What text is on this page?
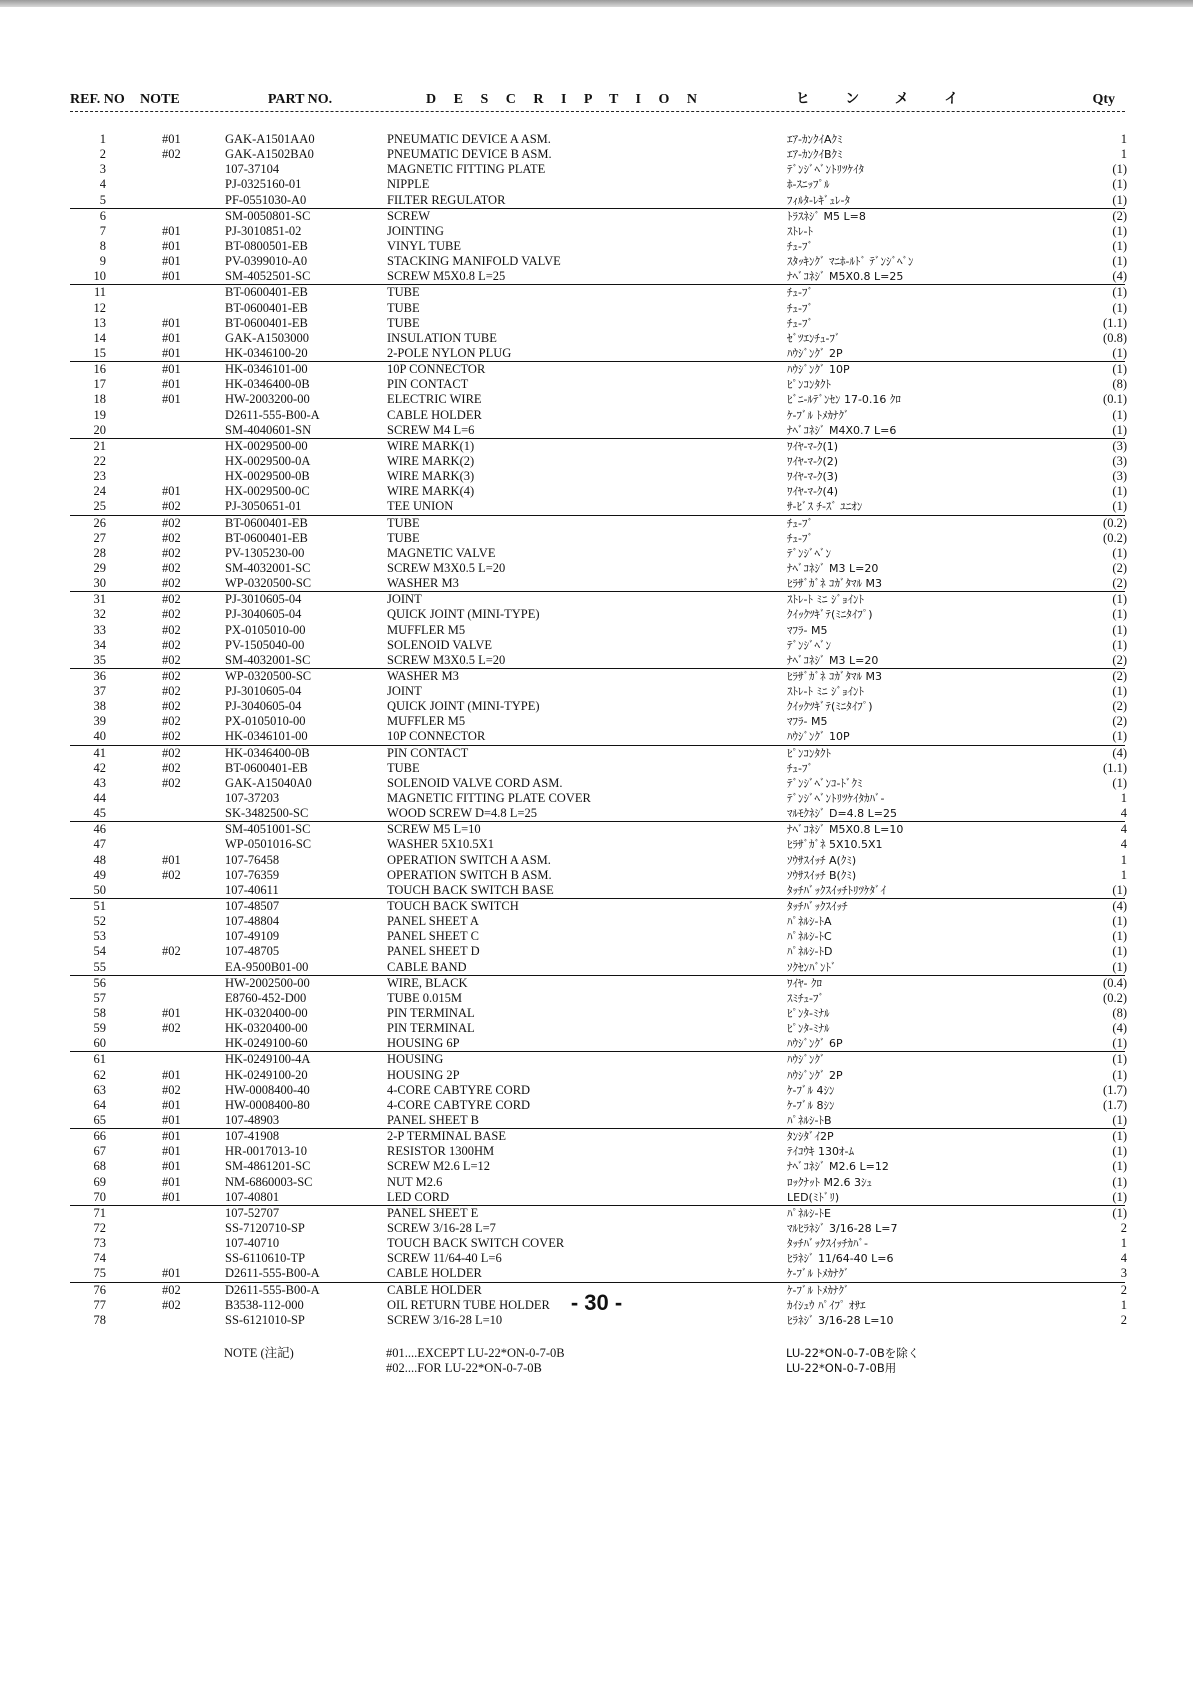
REF. NO	NOTE	PART NO.	D E S C R I P T I O N	ヒ ン メ イ	Qty
1	#01	GAK-A1501AA0	PNEUMATIC DEVICE A ASM.	ｴｱ-ｶﾝｸｲAｸﾐ	1
2	#02	GAK-A1502BA0	PNEUMATIC DEVICE B ASM.	ｴｱ-ｶﾝｸｲBｸﾐ	1
3	107-37104	MAGNETIC FITTING PLATE	ﾃﾞﾝｼﾞﾍﾞﾝﾄﾘﾂｹｲﾀ	(1)
4	PJ-0325160-01	NIPPLE	ﾎ-ｽﾆｯﾌﾟﾙ	(1)
5	PF-0551030-A0	FILTER REGULATOR	ﾌｨﾙﾀ-ﾚｷﾞｭﾚ-ﾀ	(1)
6	SM-0050801-SC	SCREW	ﾄﾗｽﾈｼﾞ M5 L=8	(2)
7	#01	PJ-3010851-02	JOINTING	ｽﾄﾚ-ﾄ	(1)
8	#01	BT-0800501-EB	VINYL TUBE	ﾁｭ-ﾌﾞ	(1)
9	#01	PV-0399010-A0	STACKING MANIFOLD VALVE	ｽﾀｯｷﾝｸﾞ ﾏﾆﾎ-ﾙﾄﾞ ﾃﾞﾝｼﾞﾍﾞﾝ	(1)
10	#01	SM-4052501-SC	SCREW M5X0.8 L=25	ﾅﾍﾞｺﾈｼﾞ M5X0.8 L=25	(4)
11	BT-0600401-EB	TUBE	ﾁｭ-ﾌﾞ	(1)
12	BT-0600401-EB	TUBE	ﾁｭ-ﾌﾞ	(1)
13	#01	BT-0600401-EB	TUBE	ﾁｭ-ﾌﾞ	(1.1)
14	#01	GAK-A1503000	INSULATION TUBE	ｾﾞﾂｴﾝﾁｭ-ﾌﾞ	(0.8)
15	#01	HK-0346100-20	2-POLE NYLON PLUG	ﾊｳｼﾞﾝｸﾞ 2P	(1)
16	#01	HK-0346101-00	10P CONNECTOR	ﾊｳｼﾞﾝｸﾞ 10P	(1)
17	#01	HK-0346400-0B	PIN CONTACT	ﾋﾟﾝｺﾝﾀｸﾄ	(8)
18	#01	HW-2003200-00	ELECTRIC WIRE	ﾋﾞﾆ-ﾙﾃﾞﾝｾﾝ 17-0.16 ｸﾛ	(0.1)
19	D2611-555-B00-A	CABLE HOLDER	ｹ-ﾌﾞﾙ ﾄﾒｶﾅｸﾞ	(1)
20	SM-4040601-SN	SCREW M4 L=6	ﾅﾍﾞｺﾈｼﾞ M4X0.7 L=6	(1)
21	HX-0029500-00	WIRE MARK(1)	ﾜｲﾔ-ﾏ-ｸ(1)	(3)
22	HX-0029500-0A	WIRE MARK(2)	ﾜｲﾔ-ﾏ-ｸ(2)	(3)
23	HX-0029500-0B	WIRE MARK(3)	ﾜｲﾔ-ﾏ-ｸ(3)	(3)
24	#01	HX-0029500-0C	WIRE MARK(4)	ﾜｲﾔ-ﾏ-ｸ(4)	(1)
25	#02	PJ-3050651-01	TEE UNION	ｻ-ﾋﾞｽ ﾁ-ｽﾞ ﾕﾆｵﾝ	(1)
26	#02	BT-0600401-EB	TUBE	ﾁｭ-ﾌﾞ	(0.2)
27	#02	BT-0600401-EB	TUBE	ﾁｭ-ﾌﾞ	(0.2)
28	#02	PV-1305230-00	MAGNETIC VALVE	ﾃﾞﾝｼﾞﾍﾞﾝ	(1)
29	#02	SM-4032001-SC	SCREW M3X0.5 L=20	ﾅﾍﾞｺﾈｼﾞ M3 L=20	(2)
30	#02	WP-0320500-SC	WASHER M3	ﾋﾗｻﾞｶﾞﾈ ｺｶﾞﾀﾏﾙ M3	(2)
31	#02	PJ-3010605-04	JOINT	ｽﾄﾚ-ﾄ ﾐﾆ ｼﾞｮｲﾝﾄ	(1)
32	#02	PJ-3040605-04	QUICK JOINT (MINI-TYPE)	ｸｲｯｸﾂｷﾞﾃ(ﾐﾆﾀｲﾌﾟ)	(1)
33	#02	PX-0105010-00	MUFFLER M5	ﾏﾌﾗ- M5	(1)
34	#02	PV-1505040-00	SOLENOID VALVE	ﾃﾞﾝｼﾞﾍﾞﾝ	(1)
35	#02	SM-4032001-SC	SCREW M3X0.5 L=20	ﾅﾍﾞｺﾈｼﾞ M3 L=20	(2)
36	#02	WP-0320500-SC	WASHER M3	ﾋﾗｻﾞｶﾞﾈ ｺｶﾞﾀﾏﾙ M3	(2)
37	#02	PJ-3010605-04	JOINT	ｽﾄﾚ-ﾄ ﾐﾆ ｼﾞｮｲﾝﾄ	(1)
38	#02	PJ-3040605-04	QUICK JOINT (MINI-TYPE)	ｸｲｯｸﾂｷﾞﾃ(ﾐﾆﾀｲﾌﾟ)	(2)
39	#02	PX-0105010-00	MUFFLER M5	ﾏﾌﾗ- M5	(2)
40	#02	HK-0346101-00	10P CONNECTOR	ﾊｳｼﾞﾝｸﾞ 10P	(1)
41	#02	HK-0346400-0B	PIN CONTACT	ﾋﾟﾝｺﾝﾀｸﾄ	(4)
42	#02	BT-0600401-EB	TUBE	ﾁｭ-ﾌﾞ	(1.1)
43	#02	GAK-A15040A0	SOLENOID VALVE CORD ASM.	ﾃﾞﾝｼﾞﾍﾞﾝｺ-ﾄﾞｸﾐ	(1)
44	107-37203	MAGNETIC FITTING PLATE COVER	ﾃﾞﾝｼﾞﾍﾞﾝﾄﾘﾂｹｲﾀｶﾊﾞ-	1
45	SK-3482500-SC	WOOD SCREW D=4.8 L=25	ﾏﾙﾓｸﾈｼﾞ D=4.8 L=25	4
46	SM-4051001-SC	SCREW M5 L=10	ﾅﾍﾞｺﾈｼﾞ M5X0.8 L=10	4
47	WP-0501016-SC	WASHER 5X10.5X1	ﾋﾗｻﾞｶﾞﾈ 5X10.5X1	4
48	#01	107-76458	OPERATION SWITCH A ASM.	ｿｳｻｽｲｯﾁ A(ｸﾐ)	1
49	#02	107-76359	OPERATION SWITCH B ASM.	ｿｳｻｽｲｯﾁ B(ｸﾐ)	1
50	107-40611	TOUCH BACK SWITCH BASE	ﾀｯﾁﾊﾞｯｸｽｲｯﾁﾄﾘﾂｹﾀﾞｲ	(1)
51	107-48507	TOUCH BACK SWITCH	ﾀｯﾁﾊﾞｯｸｽｲｯﾁ	(4)
52	107-48804	PANEL SHEET A	ﾊﾟﾈﾙｼ-ﾄA	(1)
53	107-49109	PANEL SHEET C	ﾊﾟﾈﾙｼ-ﾄC	(1)
54	#02	107-48705	PANEL SHEET D	ﾊﾟﾈﾙｼ-ﾄD	(1)
55	EA-9500B01-00	CABLE BAND	ｿｸｾﾝﾊﾞﾝﾄﾞ	(1)
56	HW-2002500-00	WIRE, BLACK	ﾜｲﾔ- ｸﾛ	(0.4)
57	E8760-452-D00	TUBE 0.015M	ｽﾐﾁｭ-ﾌﾞ	(0.2)
58	#01	HK-0320400-00	PIN TERMINAL	ﾋﾟﾝﾀ-ﾐﾅﾙ	(8)
59	#02	HK-0320400-00	PIN TERMINAL	ﾋﾟﾝﾀ-ﾐﾅﾙ	(4)
60	HK-0249100-60	HOUSING 6P	ﾊｳｼﾞﾝｸﾞ 6P	(1)
61	HK-0249100-4A	HOUSING	ﾊｳｼﾞﾝｸﾞ	(1)
62	#01	HK-0249100-20	HOUSING 2P	ﾊｳｼﾞﾝｸﾞ 2P	(1)
63	#02	HW-0008400-40	4-CORE CABTYRE CORD	ｹ-ﾌﾞﾙ 4ｼﾝ	(1.7)
64	#01	HW-0008400-80	4-CORE CABTYRE CORD	ｹ-ﾌﾞﾙ 8ｼﾝ	(1.7)
65	#01	107-48903	PANEL SHEET B	ﾊﾟﾈﾙｼ-ﾄB	(1)
66	#01	107-41908	2-P TERMINAL BASE	ﾀﾝｼﾀﾞｲ2P	(1)
67	#01	HR-0017013-10	RESISTOR 1300HM	ﾃｲｺｳｷ 130ｵ-ﾑ	(1)
68	#01	SM-4861201-SC	SCREW M2.6 L=12	ﾅﾍﾞｺﾈｼﾞ M2.6 L=12	(1)
69	#01	NM-6860003-SC	NUT M2.6	ﾛｯｸﾅｯﾄ M2.6 3ｼｭ	(1)
70	#01	107-40801	LED CORD	LED(ﾐﾄﾞﾘ)	(1)
71	107-52707	PANEL SHEET E	ﾊﾟﾈﾙｼ-ﾄE	(1)
72	SS-7120710-SP	SCREW 3/16-28 L=7	ﾏﾙﾋﾗﾈｼﾞ 3/16-28 L=7	2
73	107-40710	TOUCH BACK SWITCH COVER	ﾀｯﾁﾊﾞｯｸｽｲｯﾁｶﾊﾞ-	1
74	SS-6110610-TP	SCREW 11/64-40 L=6	ﾋﾗﾈｼﾞ 11/64-40 L=6	4
75	#01	D2611-555-B00-A	CABLE HOLDER	ｹ-ﾌﾞﾙ ﾄﾒｶﾅｸﾞ	3
76	#02	D2611-555-B00-A	CABLE HOLDER	ｹ-ﾌﾞﾙ ﾄﾒｶﾅｸﾞ	2
77	#02	B3538-112-000	OIL RETURN TUBE HOLDER	ｶｲｼｭｳ ﾊﾟｲﾌﾟ ｵｻｴ	1
78	SS-6121010-SP	SCREW 3/16-28 L=10	ﾋﾗﾈｼﾞ 3/16-28 L=10	2
NOTE (注記)	#01....EXCEPT LU-22*ON-0-7-0B
#02....FOR LU-22*ON-0-7-0B
LU-22*ON-0-7-0Bを除く
LU-22*ON-0-7-0B用
- 30 -
